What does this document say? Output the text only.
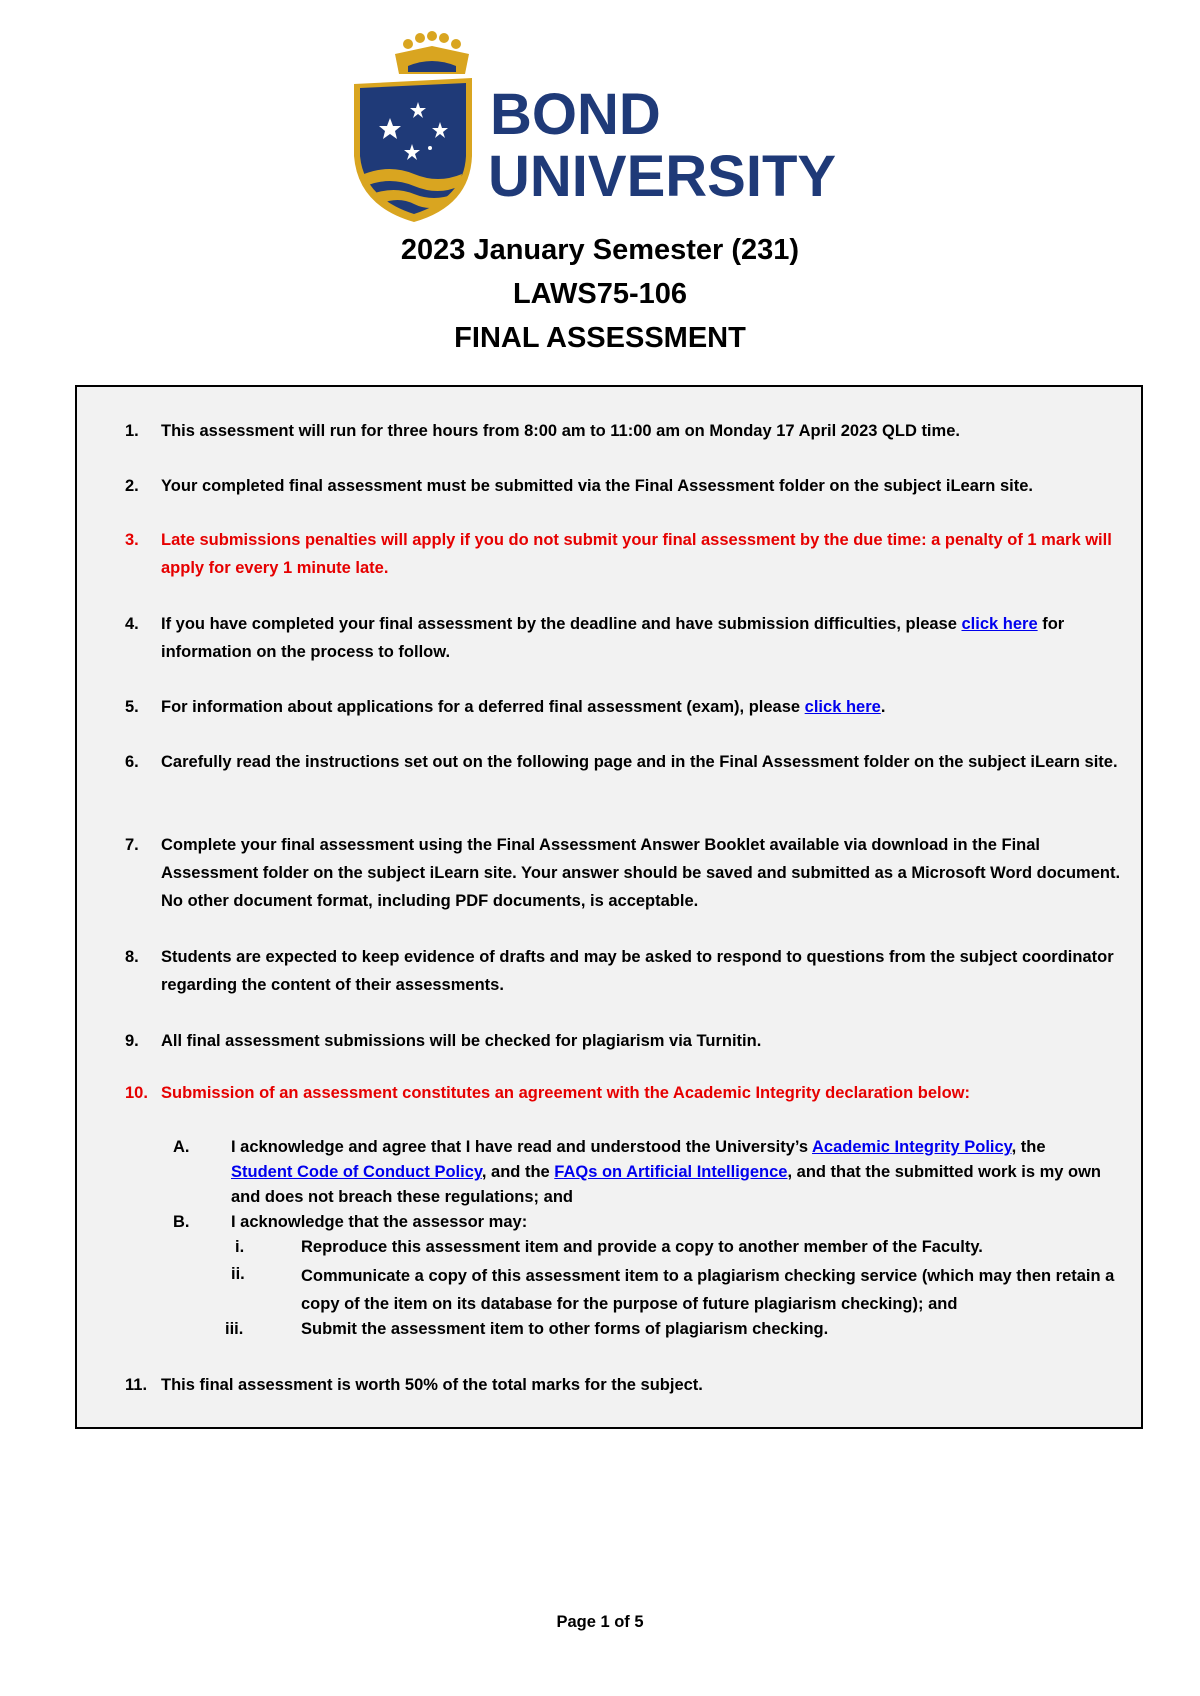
BOND
UNIVERSITY
2023 January Semester (231)
LAWS75-106
FINAL ASSESSMENT
1.	This assessment will run for three hours from 8:00 am to 11:00 am on Monday 17 April 2023 QLD time.
2.	Your completed final assessment must be submitted via the Final Assessment folder on the subject iLearn site.
3.	Late submissions penalties will apply if you do not submit your final assessment by the due time: a penalty of 1 mark will apply for every 1 minute late.
4.	If you have completed your final assessment by the deadline and have submission difficulties, please click here for information on the process to follow.
5.	For information about applications for a deferred final assessment (exam), please click here.
6.	Carefully read the instructions set out on the following page and in the Final Assessment folder on the subject iLearn site.
7.	Complete your final assessment using the Final Assessment Answer Booklet available via download in the Final Assessment folder on the subject iLearn site. Your answer should be saved and submitted as a Microsoft Word document. No other document format, including PDF documents, is acceptable.
8.	Students are expected to keep evidence of drafts and may be asked to respond to questions from the subject coordinator regarding the content of their assessments.
9.	All final assessment submissions will be checked for plagiarism via Turnitin.
10. Submission of an assessment constitutes an agreement with the Academic Integrity declaration below:
A.	I acknowledge and agree that I have read and understood the University’s Academic Integrity Policy, the Student Code of Conduct Policy, and the FAQs on Artificial Intelligence, and that the submitted work is my own and does not breach these regulations; and
B.	I acknowledge that the assessor may:
i.	Reproduce this assessment item and provide a copy to another member of the Faculty.
ii.	Communicate a copy of this assessment item to a plagiarism checking service (which may then retain a copy of the item on its database for the purpose of future plagiarism checking); and
iii.	Submit the assessment item to other forms of plagiarism checking.
11. This final assessment is worth 50% of the total marks for the subject.
Page 1 of 5
